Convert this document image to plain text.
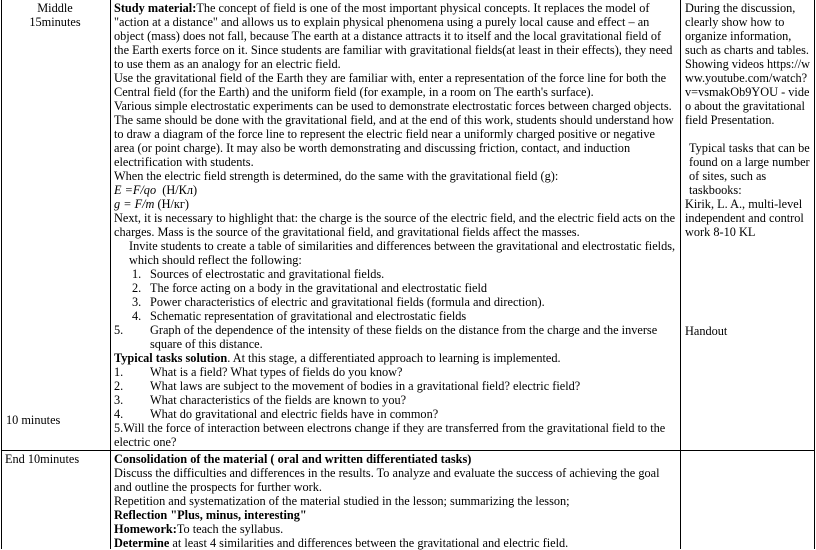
Middle
15minutes
10 minutes
End 10minutes

Study material:The concept of field is one of the most important physical concepts. It replaces the model of "action at a distance" and allows us to explain physical phenomena using a purely local cause and effect – an object (mass) does not fall, because The earth at a distance attracts it to itself and the local gravitational field of the Earth exerts force on it. Since students are familiar with gravitational fields(at least in their effects), they need to use them as an analogy for an electric field.

Use the gravitational field of the Earth they are familiar with, enter a representation of the force line for both the Central field (for the Earth) and the uniform field (for example, in a room on The earth's surface).

Various simple electrostatic experiments can be used to demonstrate electrostatic forces between charged objects. The same should be done with the gravitational field, and at the end of this work, students should understand how to draw a diagram of the force line to represent the electric field near a uniformly charged positive or negative area (or point charge). It may also be worth demonstrating and discussing friction, contact, and induction electrification with students.

When the electric field strength is determined, do the same with the gravitational field (g):

E =F/qo (Н/Кл)

g = F/m (Н/кг)

Next, it is necessary to highlight that: the charge is the source of the electric field, and the electric field acts on the charges. Mass is the source of the gravitational field, and gravitational fields affect the masses.

Invite students to create a table of similarities and differences between the gravitational and electrostatic fields, which should reflect the following:

1. Sources of electrostatic and gravitational fields.
2. The force acting on a body in the gravitational and electrostatic field
3. Power characteristics of electric and gravitational fields (formula and direction).
4. Schematic representation of gravitational and electrostatic fields
5. Graph of the dependence of the intensity of these fields on the distance from the charge and the inverse square of this distance.

Typical tasks solution. At this stage, a differentiated approach to learning is implemented.

1. What is a field? What types of fields do you know?
2. What laws are subject to the movement of bodies in a gravitational field? electric field?
3. What characteristics of the fields are known to you?
4. What do gravitational and electric fields have in common?

5.Will the force of interaction between electrons change if they are transferred from the gravitational field to the electric one?

Consolidation of the material ( oral and written differentiated tasks)

Discuss the difficulties and differences in the results. To analyze and evaluate the success of achieving the goal and outline the prospects for further work.

Repetition and systematization of the material studied in the lesson; summarizing the lesson;

Reflection "Plus, minus, interesting"

Homework:To teach the syllabus.

Determine at least 4 similarities and differences between the gravitational and electric field.

During the discussion, clearly show how to organize information, such as charts and tables.

Showing videos https://www.youtube.com/watch?v=vsmakOb9YOU - video about the gravitational field Presentation.

Typical tasks that can be found on a large number of sites, such as taskbooks:

Kirik, L. A., multi-level independent and control work 8-10 KL

Handout
